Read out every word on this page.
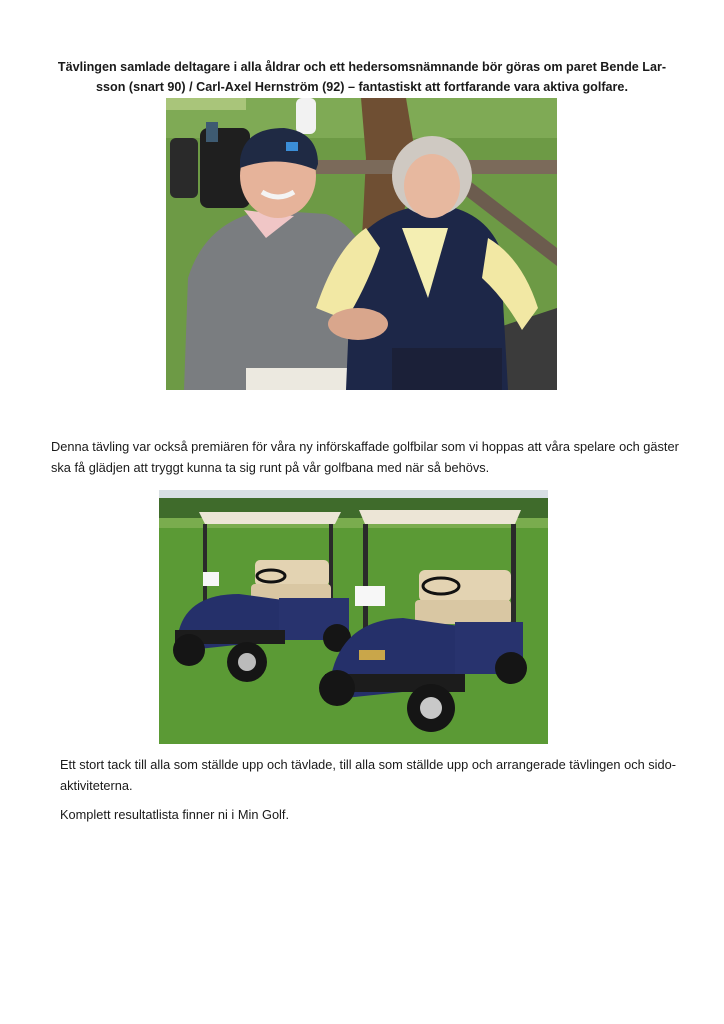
Tävlingen samlade deltagare i alla åldrar och ett hedersomsnämnande bör göras om paret Bende Lar-sson (snart 90) / Carl-Axel Hernström (92) – fantastiskt att fortfarande vara aktiva golfare.
Denna tävling var också premiären för våra ny införskaffade golfbilar som vi hoppas att våra spelare och gäster ska få glädjen att tryggt kunna ta sig runt på vår golfbana med när så behövs.
Ett stort tack till alla som ställde upp och tävlade, till alla som ställde upp och arrangerade tävlingen och sido-aktiviteterna.
Komplett resultatlista finner ni i Min Golf.
